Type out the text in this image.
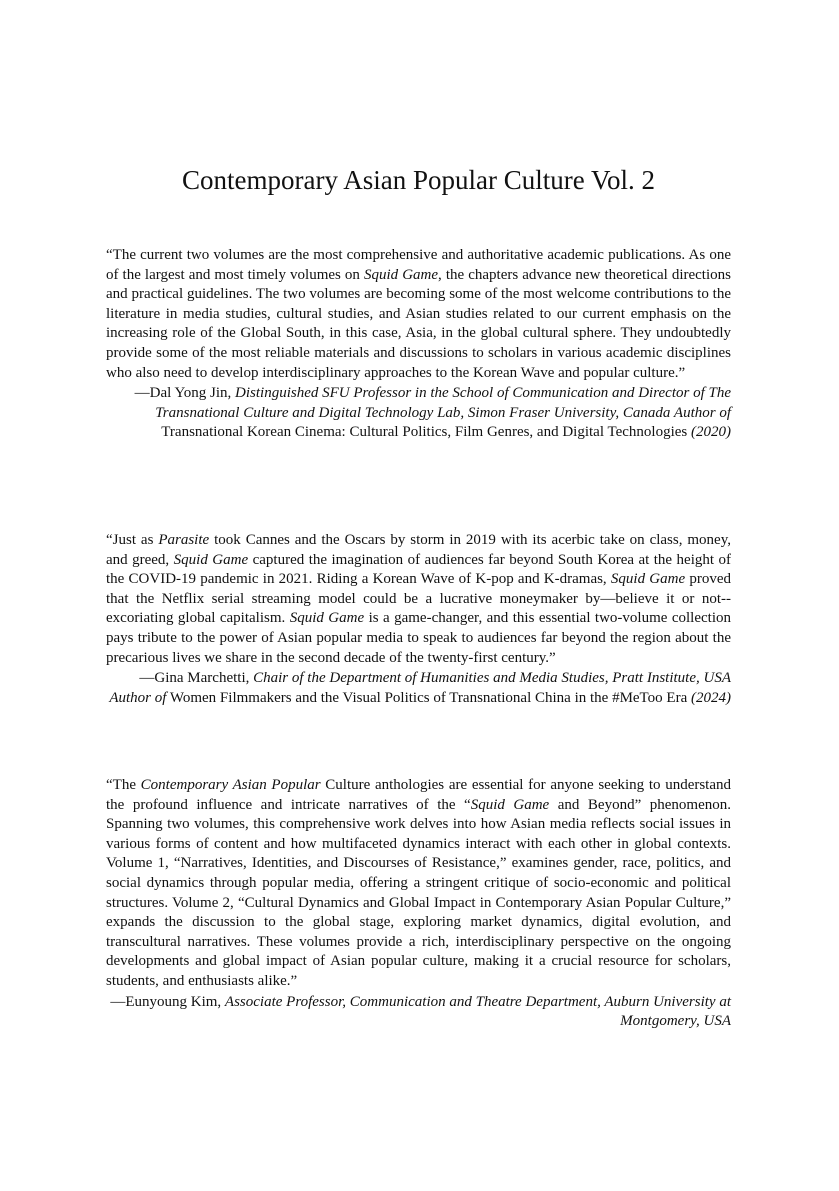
Contemporary Asian Popular Culture Vol. 2

“The current two volumes are the most comprehensive and authoritative academic publications. As one of the largest and most timely volumes on Squid Game, the chapters advance new theoretical directions and practical guidelines. The two volumes are becoming some of the most welcome contributions to the literature in media studies, cultural studies, and Asian studies related to our current emphasis on the increasing role of the Global South, in this case, Asia, in the global cultural sphere. They undoubtedly provide some of the most reliable materials and discussions to scholars in various academic disciplines who also need to develop interdisciplinary approaches to the Korean Wave and popular culture.”

—Dal Yong Jin, Distinguished SFU Professor in the School of Communication and Director of The Transnational Culture and Digital Technology Lab, Simon Fraser University, Canada Author of Transnational Korean Cinema: Cultural Politics, Film Genres, and Digital Technologies (2020)

“Just as Parasite took Cannes and the Oscars by storm in 2019 with its acerbic take on class, money, and greed, Squid Game captured the imagination of audiences far beyond South Korea at the height of the COVID-19 pandemic in 2021. Riding a Korean Wave of K-pop and K-dramas, Squid Game proved that the Netflix serial streaming model could be a lucrative moneymaker by—believe it or not--excoriating global capitalism. Squid Game is a game-changer, and this essential two-volume collection pays tribute to the power of Asian popular media to speak to audiences far beyond the region about the precarious lives we share in the second decade of the twenty-first century.”

—Gina Marchetti, Chair of the Department of Humanities and Media Studies, Pratt Institute, USA Author of Women Filmmakers and the Visual Politics of Transnational China in the #MeToo Era (2024)

“The Contemporary Asian Popular Culture anthologies are essential for anyone seeking to understand the profound influence and intricate narratives of the “Squid Game and Beyond” phenomenon. Spanning two volumes, this comprehensive work delves into how Asian media reflects social issues in various forms of content and how multifaceted dynamics interact with each other in global contexts. Volume 1, “Narratives, Identities, and Discourses of Resistance,” examines gender, race, politics, and social dynamics through popular media, offering a stringent critique of socio-economic and political structures. Volume 2, “Cultural Dynamics and Global Impact in Contemporary Asian Popular Culture,” expands the discussion to the global stage, exploring market dynamics, digital evolution, and transcultural narratives. These volumes provide a rich, interdisciplinary perspective on the ongoing developments and global impact of Asian popular culture, making it a crucial resource for scholars, students, and enthusiasts alike.”

—Eunyoung Kim, Associate Professor, Communication and Theatre Department, Auburn University at Montgomery, USA
